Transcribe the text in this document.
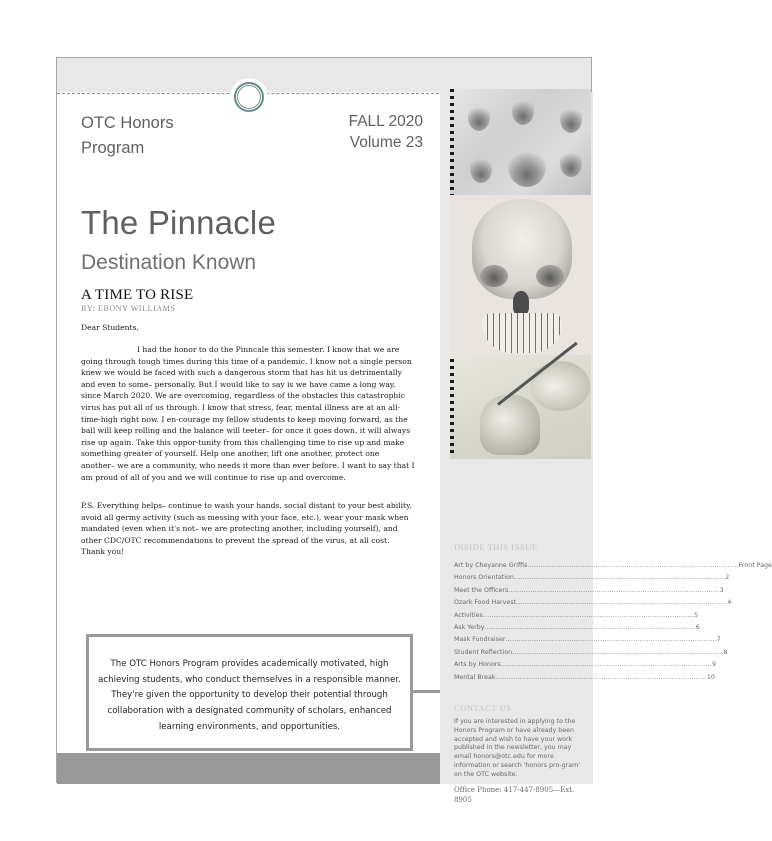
OTC Honors
Program
FALL 2020
Volume 23
The Pinnacle
Destination Known
A TIME TO RISE
BY: EBONY WILLIAMS
Dear Students,
I had the honor to do the Pinncale this semester. I know that we are going through tough times during this time of a pandemic. I know not a single person knew we would be faced with such a dangerous storm that has hit us detrimentally and even to some– personally. But I would like to say is we have came a long way, since March 2020. We are overcoming, regardless of the obstacles this catastrophic virus has put all of us through. I know that stress, fear, mental illness are at an all-time-high right now. I en-courage my fellow students to keep moving forward, as the ball will keep rolling and the balance will teeter– for once it goes down, it will always rise up again. Take this oppor-tunity from this challenging time to rise up and make something greater of yourself. Help one another, lift one another, protect one another– we are a community, who needs it more than ever before. I want to say that I am proud of all of you and we will continue to rise up and overcome.
P.S. Everything helps– continue to wash your hands, social distant to your best ability, avoid all germy activity (such as messing with your face, etc.), wear your mask when mandated (even when it's not– we are protecting another, including yourself), and other CDC/OTC recommendations to prevent the spread of the virus, at all cost. Thank you!
The OTC Honors Program provides academically motivated, high achieving students, who conduct themselves in a responsible manner. They're given the opportunity to develop their potential through collaboration with a designated community of scholars, enhanced learning environments, and opportunities.
INSIDE THIS ISSUE
Art by Cheyanne Griffis .....	Front Page
Honors Orientation .....	2
Meet the Officers .....	3
Ozark Food Harvest .....	4
Activities .....	5
Ask Yerby .....	6
Mask Fundraiser .....	7
Student Reflection .....	8
Arts by Honors .....	9
Mental Break .....	10
CONTACT US
If you are interested in applying to the Honors Program or have already been accepted and wish to have your work published in the newsletter, you may email honors@otc.edu for more information or search 'honors pro-gram' on the OTC website.
Office Phone: 417-447-8905—Ext. 8905
